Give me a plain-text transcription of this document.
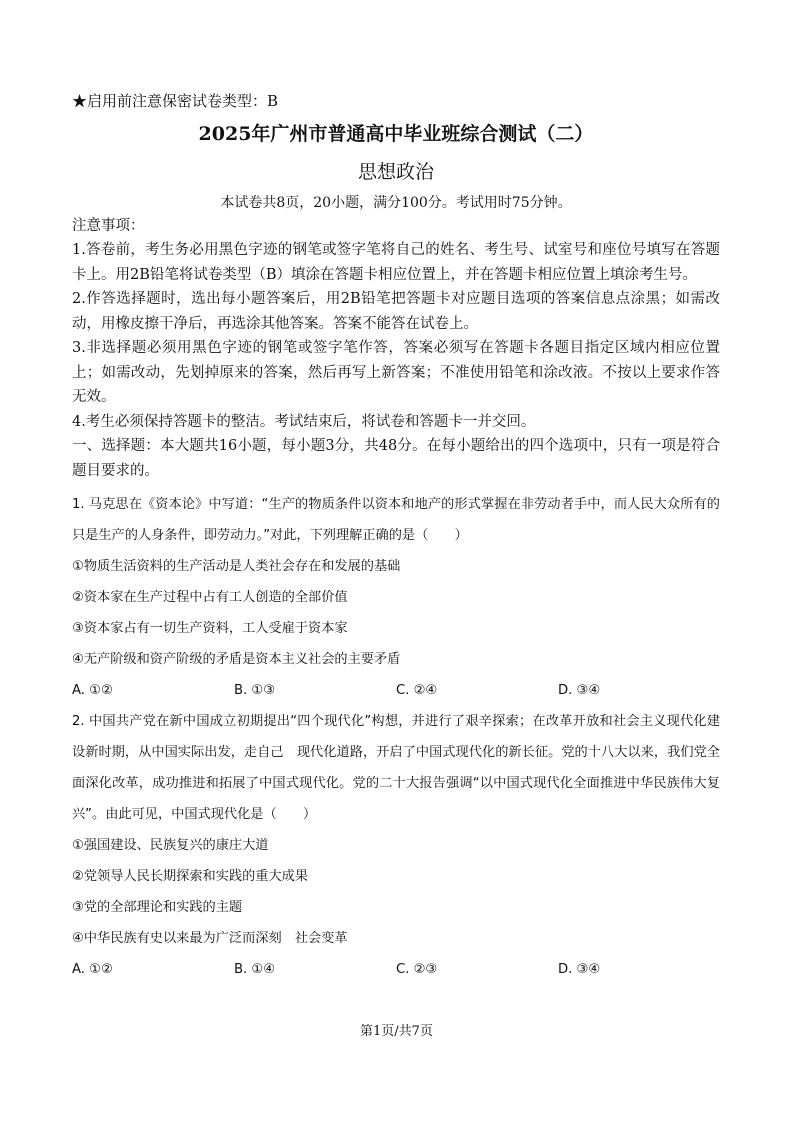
★启用前注意保密试卷类型：B
2025年广州市普通高中毕业班综合测试（二）
思想政治
本试卷共8页，20小题，满分100分。考试用时75分钟。
注意事项：

1.答卷前，考生务必用黑色字迹的钢笔或签字笔将自己的姓名、考生号、试室号和座位号填写在答题卡上。用2B铅笔将试卷类型（B）填涂在答题卡相应位置上，并在答题卡相应位置上填涂考生号。

2.作答选择题时，选出每小题答案后，用2B铅笔把答题卡对应题目选项的答案信息点涂黑；如需改动，用橡皮擦干净后，再选涂其他答案。答案不能答在试卷上。

3.非选择题必须用黑色字迹的钢笔或签字笔作答，答案必须写在答题卡各题目指定区域内相应位置上；如需改动，先划掉原来的答案，然后再写上新答案；不准使用铅笔和涂改液。不按以上要求作答无效。

4.考生必须保持答题卡的整洁。考试结束后，将试卷和答题卡一并交回。

一、选择题：本大题共16小题，每小题3分，共48分。在每小题给出的四个选项中，只有一项是符合题目要求的。

1. 马克思在《资本论》中写道：“生产的物质条件以资本和地产的形式掌握在非劳动者手中，而人民大众所有的只是生产的人身条件，即劳动力。”对此，下列理解正确的是（　　）

①物质生活资料的生产活动是人类社会存在和发展的基础
②资本家在生产过程中占有工人创造的全部价值
③资本家占有一切生产资料，工人受雇于资本家
④无产阶级和资产阶级的矛盾是资本主义社会的主要矛盾
A. ①②	B. ①③	C. ②④	D. ③④

2. 中国共产党在新中国成立初期提出“四个现代化”构想，并进行了艰辛探索；在改革开放和社会主义现代化建设新时期，从中国实际出发，走自己　现代化道路，开启了中国式现代化的新长征。党的十八大以来，我们党全面深化改革，成功推进和拓展了中国式现代化。党的二十大报告强调“以中国式现代化全面推进中华民族伟大复兴”。由此可见，中国式现代化是（　　）

①强国建设、民族复兴的康庄大道
②党领导人民长期探索和实践的重大成果
③党的全部理论和实践的主题
④中华民族有史以来最为广泛而深刻　社会变革
A. ①②	B. ①④	C. ②③	D. ③④
第1页/共7页
